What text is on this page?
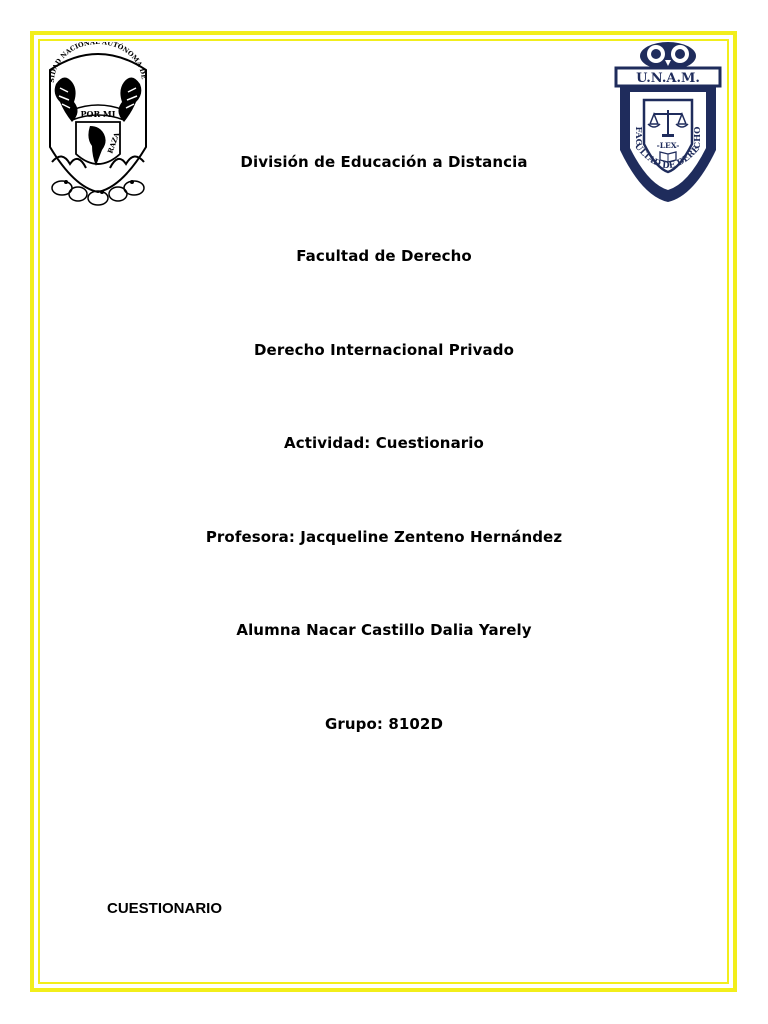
SIDAD NACIONAL AUTÓNOMA DE
POR MI
RAZA
U.N.A.M.
FACULTAD DE DERECHO
-LEX-
División de Educación a Distancia
Facultad de Derecho
Derecho Internacional Privado
Actividad: Cuestionario
Profesora: Jacqueline Zenteno Hernández
Alumna Nacar Castillo Dalia Yarely
Grupo: 8102D
CUESTIONARIO
